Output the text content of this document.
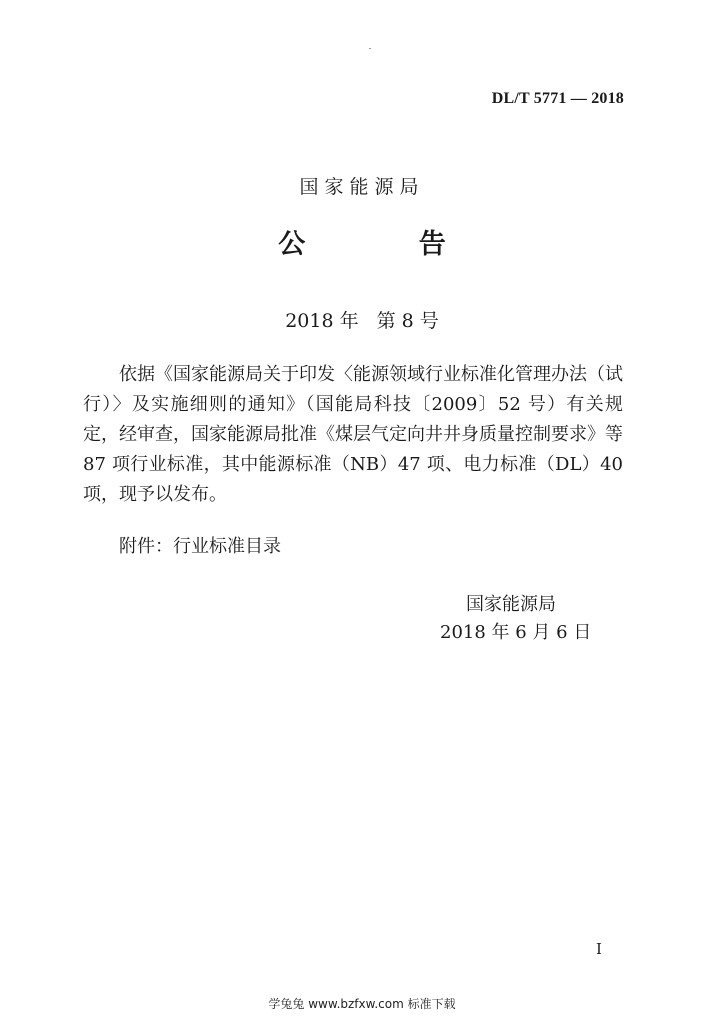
DL/T 5771 — 2018
国家能源局
公 告
2018 年 第 8 号
依据《国家能源局关于印发〈能源领域行业标准化管理办法（试行）〉及实施细则的通知》（国能局科技〔2009〕52 号）有关规定，经审查，国家能源局批准《煤层气定向井井身质量控制要求》等 87 项行业标准，其中能源标准（NB）47 项、电力标准（DL）40 项，现予以发布。
附件：行业标准目录
国家能源局
2018 年 6 月 6 日
I
学兔兔 www.bzfxw.com 标准下载
